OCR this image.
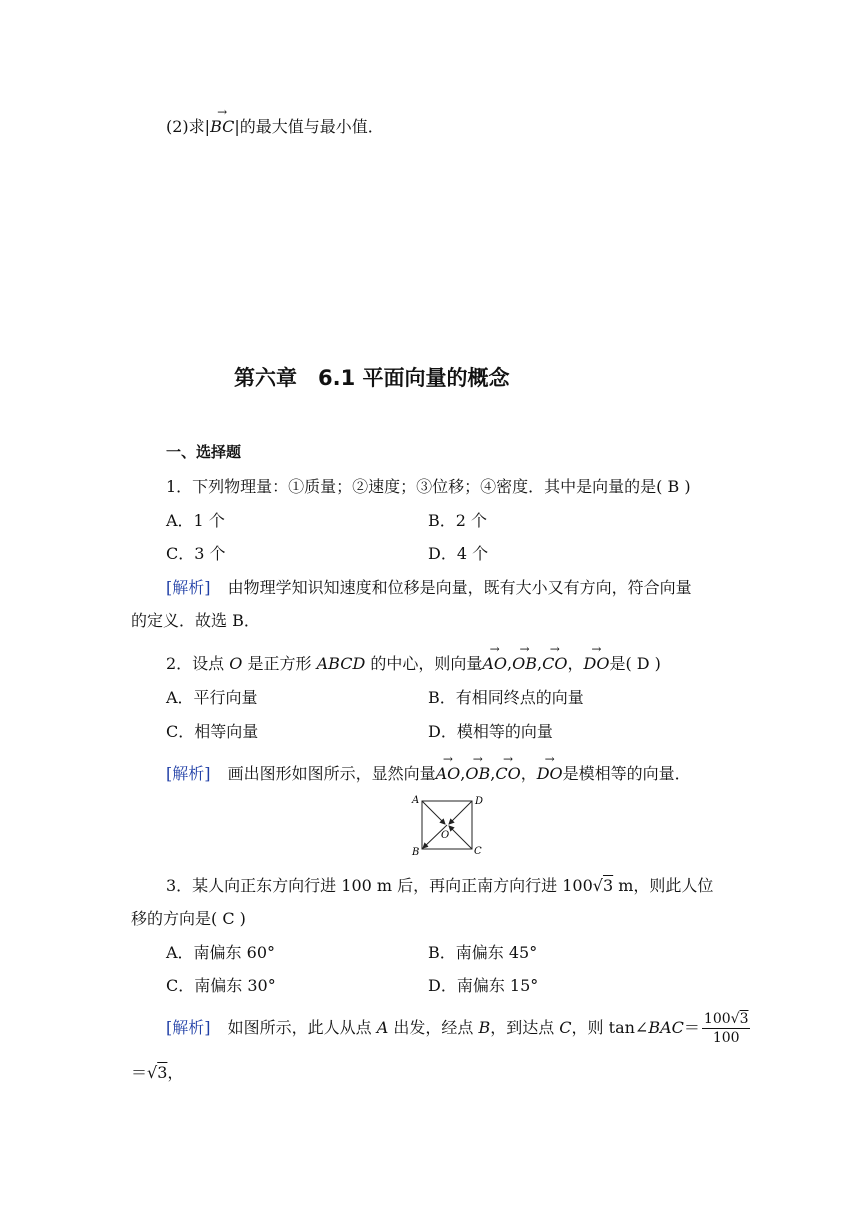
(2)求|→ BC|的最大值与最小值．
第六章　6.1 平面向量的概念
一、选择题
1．下列物理量：①质量；②速度；③位移；④密度．其中是向量的是( B )
A．1 个	B．2 个
C．3 个	D．4 个
[解析] 由物理学知识知速度和位移是向量，既有大小又有方向，符合向量
的定义．故选 B．
2．设点 O 是正方形 ABCD 的中心，则向量→ AO,→ OB,→ CO，→ DO是( D )
A．平行向量	B．有相同终点的向量
C．相等向量	D．模相等的向量
[解析] 画出图形如图所示，显然向量→ AO,→ OB,→ CO，→ DO是模相等的向量．
A	D
B	C
O
3．某人向正东方向行进 100 m 后，再向正南方向行进 100√3 m，则此人位
移的方向是( C )
A．南偏东 60°	B．南偏东 45°
C．南偏东 30°	D．南偏东 15°
[解析] 如图所示，此人从点 A 出发，经点 B，到达点 C，则 tan∠BAC＝ $\frac{100√3}{100}$
＝√3，
